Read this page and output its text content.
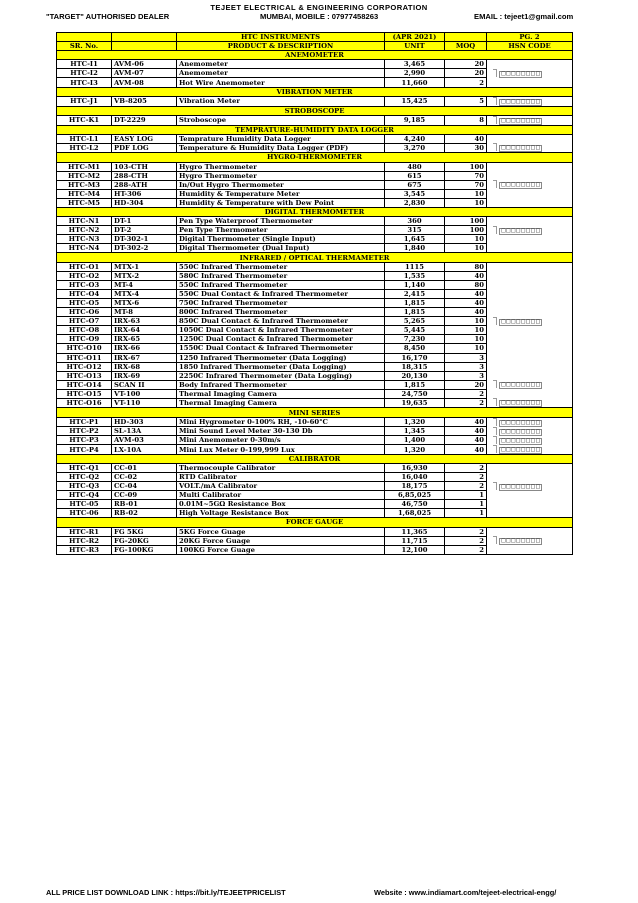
TEJEET ELECTRICAL & ENGINEERING CORPORATION
"TARGET" AUTHORISED DEALER	MUMBAI, MOBILE : 07977458263	EMAIL : tejeet1@gmail.com
		HTC INSTRUMENTS	(APR 2021)		PG. 2
SR. No.		PRODUCT & DESCRIPTION	UNIT	MOQ	HSN CODE
ANEMOMETER					
HTC-I1	AVM-06	Anemometer	3,465	20	
HTC-I2	AVM-07	Anemometer	2,990	20	□□□□□□□□
HTC-I3	AVM-08	Hot Wire Anemometer	11,660	2	
VIBRATION METER					
HTC-J1	VB-8205	Vibration Meter	15,425	5	□□□□□□□□
STROBOSCOPE					
HTC-K1	DT-2229	Stroboscope	9,185	8	□□□□□□□□
TEMPRATURE-HUMIDITY DATA LOGGER					
HTC-L1	EASY LOG	Temprature Humidity Data Logger	4,240	40	
HTC-L2	PDF LOG	Temperature & Humidity Data Logger (PDF)	3,270	30	□□□□□□□□
HYGRO-THERMOMETER					
HTC-M1	103-CTH	Hygro Thermometer	480	100	
HTC-M2	288-CTH	Hygro Thermometer	615	70	
HTC-M3	288-ATH	In/Out Hygro Thermometer	675	70	□□□□□□□□
HTC-M4	HT-306	Humidity & Temperature Meter	3,545	10	
HTC-M5	HD-304	Humidity & Temperature with Dew Point	2,830	10	
DIGITAL THERMOMETER					
HTC-N1	DT-1	Pen Type Waterproof Thermometer	360	100	
HTC-N2	DT-2	Pen Type Thermometer	315	100	□□□□□□□□
HTC-N3	DT-302-1	Digital Thermometer (Single Input)	1,645	10	
HTC-N4	DT-302-2	Digital Thermometer (Dual Input)	1,840	10	
INFRARED / OPTICAL THERMAMETER					
HTC-O1	MTX-1	550C Infrared Thermometer	1115	80	
HTC-O2	MTX-2	580C Infrared Thermometer	1,535	40	
HTC-O3	MT-4	550C Infrared Thermometer	1,140	80	
HTC-O4	MTX-4	550C Dual Contact & Infrared Thermometer	2,415	40	
HTC-O5	MTX-6	750C Infrared Thermometer	1,815	40	
HTC-O6	MT-8	800C Infrared Thermometer	1,815	40	
HTC-O7	IRX-63	850C Dual Contact & Infrared Thermometer	5,265	10	□□□□□□□□
HTC-O8	IRX-64	1050C Dual Contact & Infrared Thermometer	5,445	10	
HTC-O9	IRX-65	1250C Dual Contact & Infrared Thermometer	7,230	10	
HTC-O10	IRX-66	1550C Dual Contact & Infrared Thermometer	8,450	10	
HTC-O11	IRX-67	1250 Infrared Thermometer (Data Logging)	16,170	3	
HTC-O12	IRX-68	1850 Infrared Thermometer (Data Logging)	18,315	3	
HTC-O13	IRX-69	2250C Infrared Thermometer (Data Logging)	20,130	3	
HTC-O14	SCAN II	Body Infrared Thermometer	1,815	20	□□□□□□□□
HTC-O15	VT-100	Thermal Imaging Camera	24,750	2	
HTC-O16	VT-110	Thermal Imaging Camera	19,635	2	□□□□□□□□
MINI SERIES					
HTC-P1	HD-303	Mini Hygrometer 0-100% RH, -10-60°C	1,320	40	□□□□□□□□
HTC-P2	SL-13A	Mini Sound Level Meter 30-130 Db	1,345	40	□□□□□□□□
HTC-P3	AVM-03	Mini Anemometer 0-30m/s	1,400	40	□□□□□□□□
HTC-P4	LX-10A	Mini Lux Meter 0-199,999 Lux	1,320	40	□□□□□□□□
CALIBRATOR					
HTC-Q1	CC-01	Thermocouple Calibrator	16,930	2	
HTC-Q2	CC-02	RTD Calibrator	16,040	2	
HTC-Q3	CC-04	VOLT./mA Calibrator	18,175	2	□□□□□□□□
HTC-Q4	CC-09	Multi Calibrator	6,85,025	1	
HTC-05	RB-01	0.01M~5GΩ Resistance Box	46,750	1	
HTC-06	RB-02	High Voltage Resistance Box	1,68,025	1	
FORCE GAUGE					
HTC-R1	FG 5KG	5KG Force Guage	11,365	2	
HTC-R2	FG-20KG	20KG Force Guage	11,715	2	□□□□□□□□
HTC-R3	FG-100KG	100KG Force Guage	12,100	2	
ALL PRICE LIST DOWNLOAD LINK : https://bit.ly/TEJEETPRICELIST	Website : www.indiamart.com/tejeet-electrical-engg/
